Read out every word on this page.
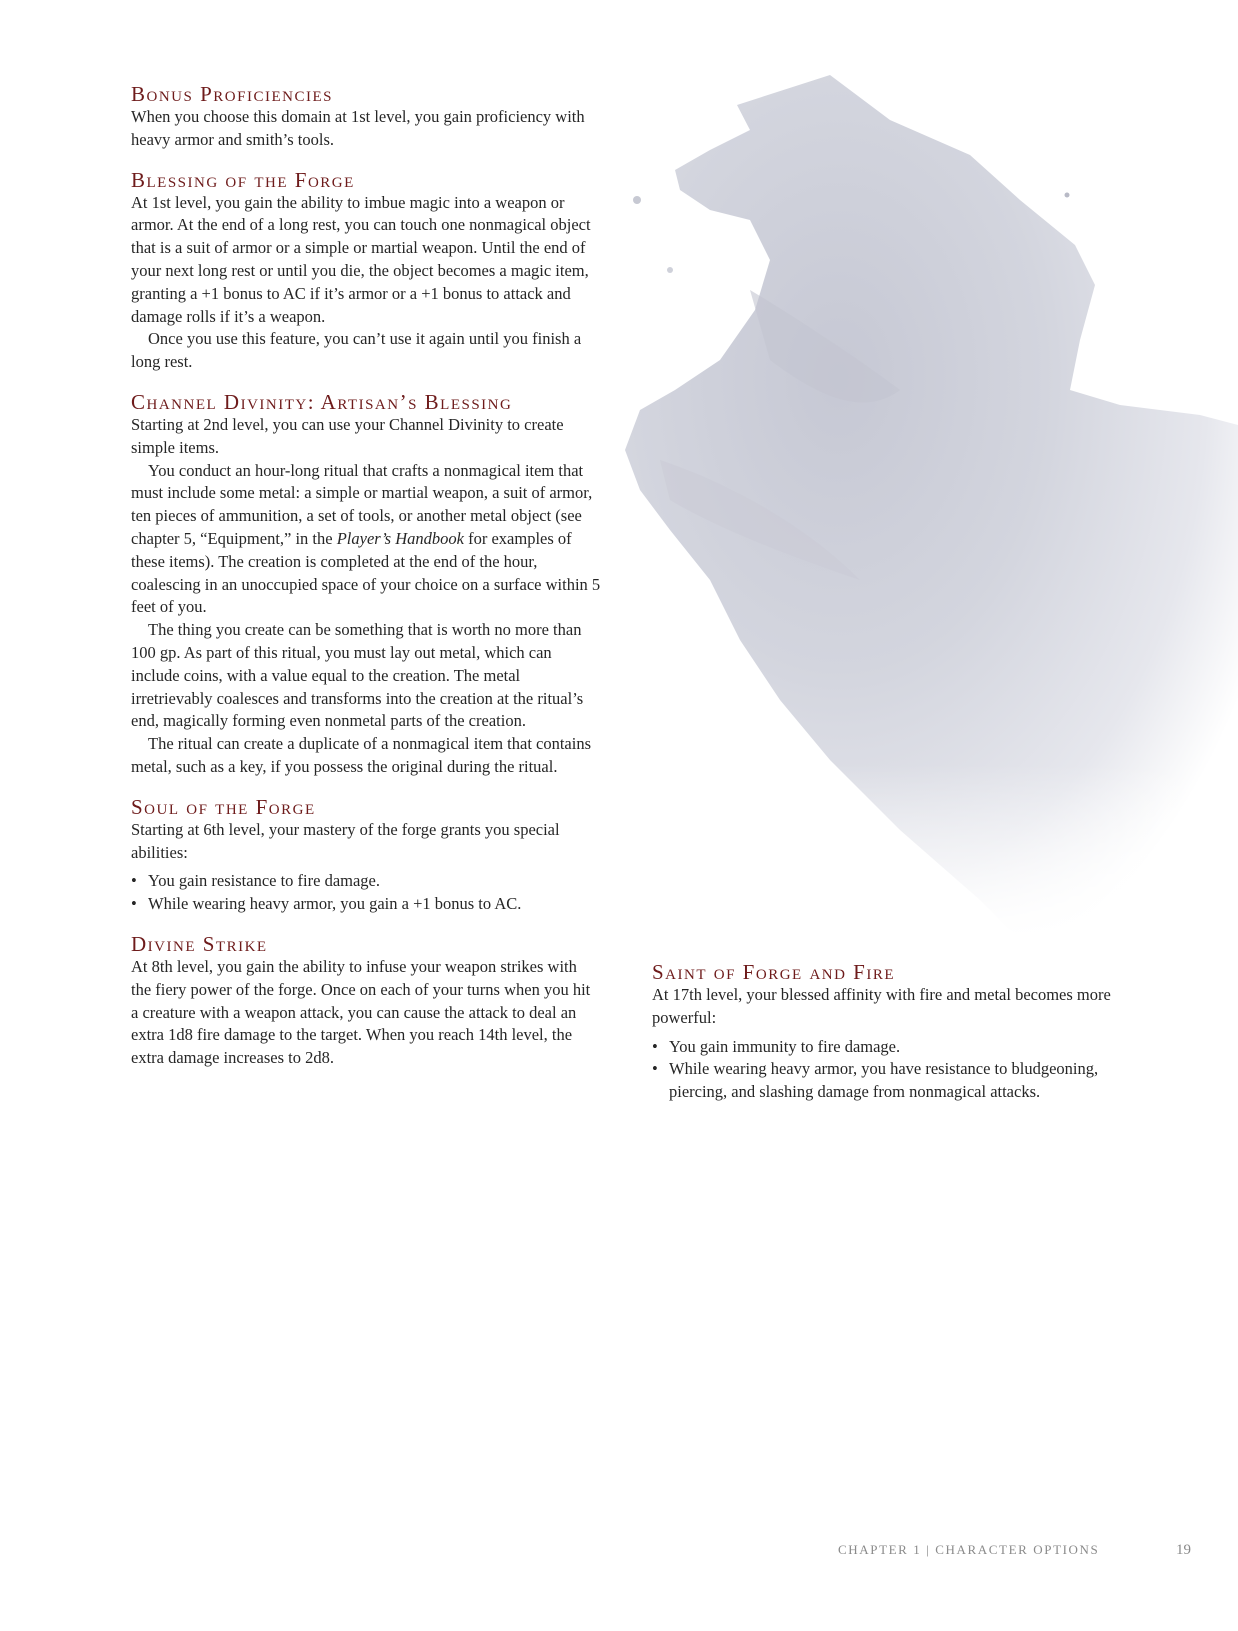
Bonus Proficiencies

When you choose this domain at 1st level, you gain proficiency with heavy armor and smith’s tools.

Blessing of the Forge

At 1st level, you gain the ability to imbue magic into a weapon or armor. At the end of a long rest, you can touch one nonmagical object that is a suit of armor or a simple or martial weapon. Until the end of your next long rest or until you die, the object becomes a magic item, granting a +1 bonus to AC if it’s armor or a +1 bonus to attack and damage rolls if it’s a weapon.

Once you use this feature, you can’t use it again until you finish a long rest.

Channel Divinity: Artisan’s Blessing

Starting at 2nd level, you can use your Channel Divinity to create simple items.

You conduct an hour-long ritual that crafts a nonmagical item that must include some metal: a simple or martial weapon, a suit of armor, ten pieces of ammunition, a set of tools, or another metal object (see chapter 5, “Equipment,” in the Player’s Handbook for examples of these items). The creation is completed at the end of the hour, coalescing in an unoccupied space of your choice on a surface within 5 feet of you.

The thing you create can be something that is worth no more than 100 gp. As part of this ritual, you must lay out metal, which can include coins, with a value equal to the creation. The metal irretrievably coalesces and transforms into the creation at the ritual’s end, magically forming even nonmetal parts of the creation.

The ritual can create a duplicate of a nonmagical item that contains metal, such as a key, if you possess the original during the ritual.

Soul of the Forge

Starting at 6th level, your mastery of the forge grants you special abilities:

• You gain resistance to fire damage.
• While wearing heavy armor, you gain a +1 bonus to AC.
Divine Strike

At 8th level, you gain the ability to infuse your weapon strikes with the fiery power of the forge. Once on each of your turns when you hit a creature with a weapon attack, you can cause the attack to deal an extra 1d8 fire damage to the target. When you reach 14th level, the extra damage increases to 2d8.

Saint of Forge and Fire

At 17th level, your blessed affinity with fire and metal becomes more powerful:

• You gain immunity to fire damage.
• While wearing heavy armor, you have resistance to bludgeoning, piercing, and slashing damage from nonmagical attacks.
CHAPTER 1 | CHARACTER OPTIONS	19
